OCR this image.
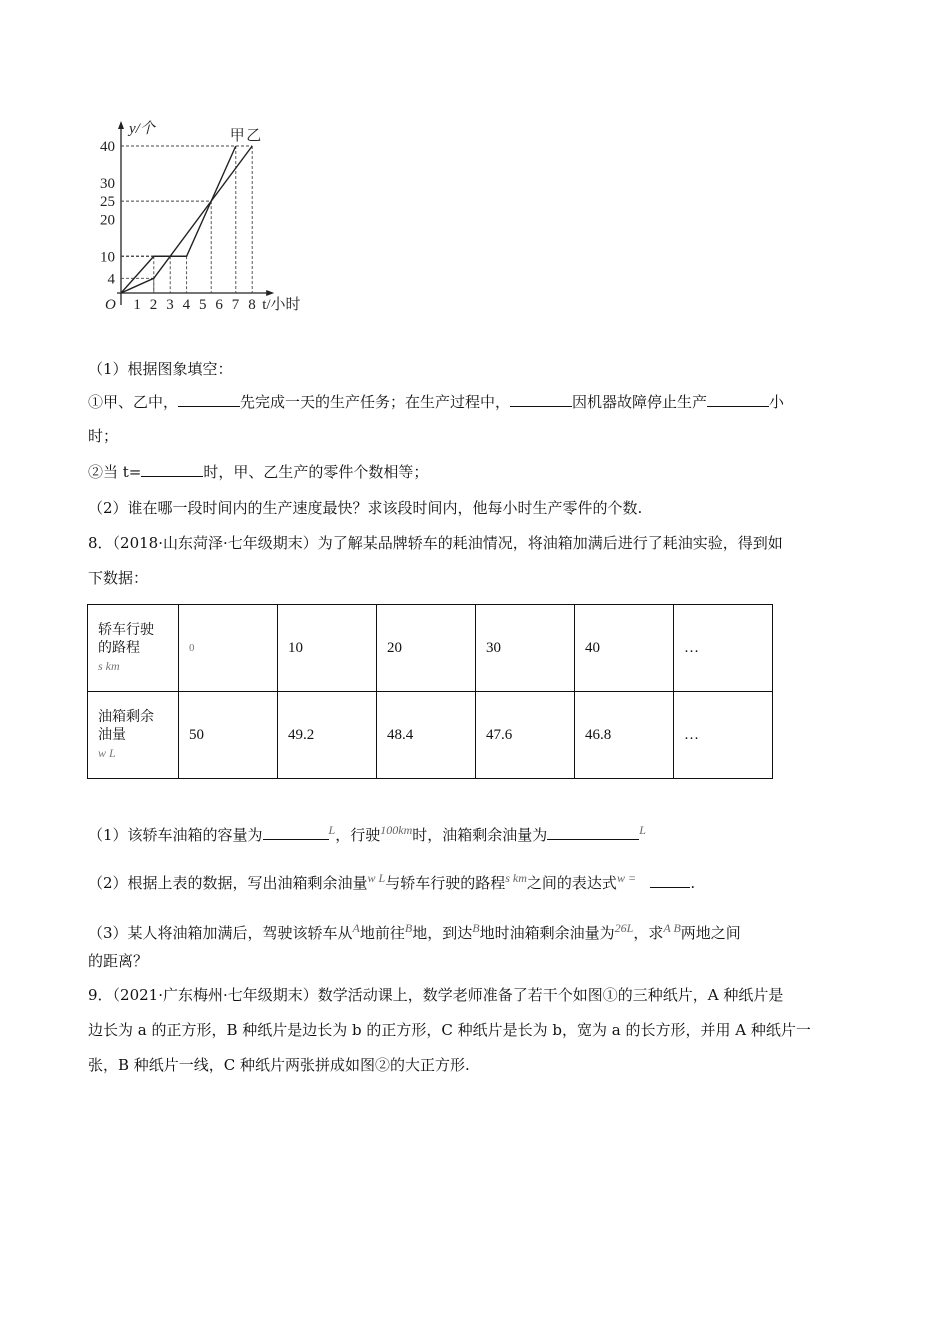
甲 乙
1 2 3 4 5 6 7 8
4
10
20
25
30
40
O
y/个
t/小时
（1）根据图象填空：
①甲、乙中，	先完成一天的生产任务；在生产过程中，	因机器故障停止生产	小
时；
②当 t=	时，甲、乙生产的零件个数相等；
（2）谁在哪一段时间内的生产速度最快？求该段时间内，他每小时生产零件的个数.
8．（2018·山东菏泽·七年级期末）为了解某品牌轿车的耗油情况，将油箱加满后进行了耗油实验，得到如
下数据：
轿车行驶
的路程
s km	0	10	20	30	40	…

油箱剩余
油量
w L	50	49.2	48.4	47.6	46.8	…
（1）该轿车油箱的容量为	$^L$，行驶$^{100km}$时，油箱剩余油量为	$^L$
（2）根据上表的数据，写出油箱剩余油量$^{w L}$与轿车行驶的路程$^{s km}$之间的表达式$^{w =}$	.
（3）某人将油箱加满后，驾驶该轿车从$^A$地前往$^B$地，到达$^B$地时油箱剩余油量为$^{26L}$，求$^{A B}$两地之间
的距离？
9．（2021·广东梅州·七年级期末）数学活动课上，数学老师准备了若干个如图①的三种纸片，A 种纸片是
边长为 a 的正方形，B 种纸片是边长为 b 的正方形，C 种纸片是长为 b，宽为 a 的长方形，并用 A 种纸片一
张，B 种纸片一线，C 种纸片两张拼成如图②的大正方形.
